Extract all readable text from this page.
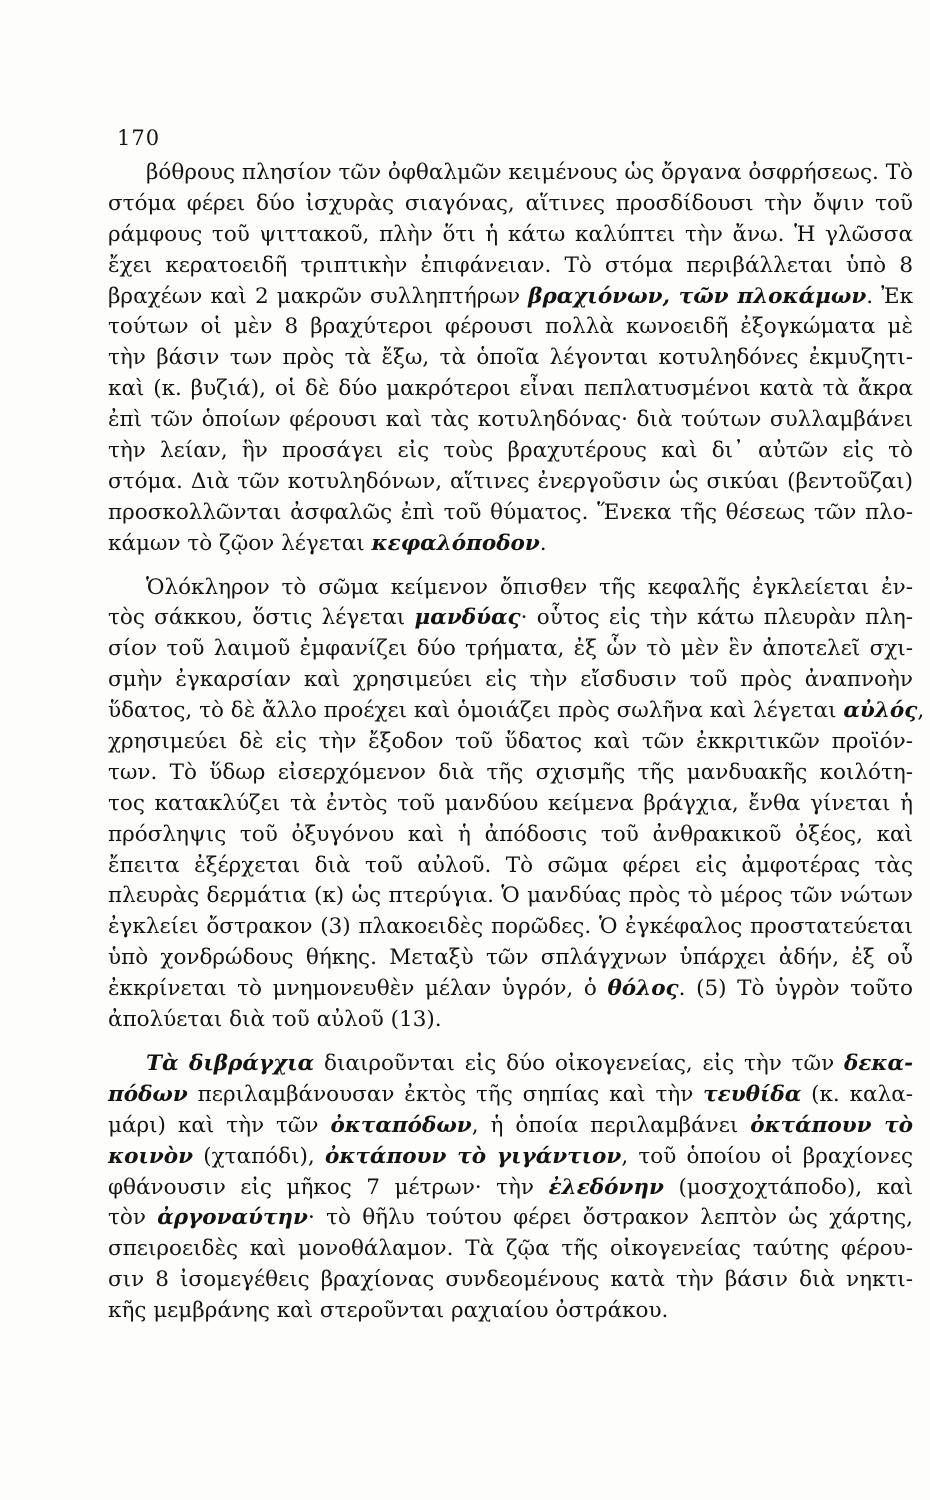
170
βόθρους πλησίον τῶν ὀφθαλμῶν κειμένους ὡς ὄργανα ὀσφρήσεως. Τὸ
στόμα φέρει δύο ἰσχυρὰς σιαγόνας, αἵτινες προσδίδουσι τὴν ὄψιν τοῦ
ράμφους τοῦ ψιττακοῦ, πλὴν ὅτι ἡ κάτω καλύπτει τὴν ἄνω. Ἡ γλῶσσα
ἔχει κερατοειδῆ τριπτικὴν ἐπιφάνειαν. Τὸ στόμα περιβάλλεται ὑπὸ 8
βραχέων καὶ 2 μακρῶν συλληπτήρων βραχιόνων, τῶν πλοκάμων. Ἐκ
τούτων οἱ μὲν 8 βραχύτεροι φέρουσι πολλὰ κωνοειδῆ ἐξογκώματα μὲ
τὴν βάσιν των πρὸς τὰ ἔξω, τὰ ὁποῖα λέγονται κοτυληδόνες ἐκμυζητι-
καὶ (κ. βυζιά), οἱ δὲ δύο μακρότεροι εἶναι πεπλατυσμένοι κατὰ τὰ ἄκρα
ἐπὶ τῶν ὁποίων φέρουσι καὶ τὰς κοτυληδόνας· διὰ τούτων συλλαμβάνει
τὴν λείαν, ἣν προσάγει εἰς τοὺς βραχυτέρους καὶ δι᾽ αὐτῶν εἰς τὸ
στόμα. Διὰ τῶν κοτυληδόνων, αἵτινες ἐνεργοῦσιν ὡς σικύαι (βεντοῦζαι)
προσκολλῶνται ἀσφαλῶς ἐπὶ τοῦ θύματος. Ἕνεκα τῆς θέσεως τῶν πλο-
κάμων τὸ ζῷον λέγεται κεφαλόποδον.
Ὁλόκληρον τὸ σῶμα κείμενον ὄπισθεν τῆς κεφαλῆς ἐγκλείεται ἐν-
τὸς σάκκου, ὅστις λέγεται μανδύας· οὗτος εἰς τὴν κάτω πλευρὰν πλη-
σίον τοῦ λαιμοῦ ἐμφανίζει δύο τρήματα, ἐξ ὧν τὸ μὲν ἓν ἀποτελεῖ σχι-
σμὴν ἐγκαρσίαν καὶ χρησιμεύει εἰς τὴν εἴσδυσιν τοῦ πρὸς ἀναπνοὴν
ὕδατος, τὸ δὲ ἄλλο προέχει καὶ ὁμοιάζει πρὸς σωλῆνα καὶ λέγεται αὐλός,
χρησιμεύει δὲ εἰς τὴν ἔξοδον τοῦ ὕδατος καὶ τῶν ἐκκριτικῶν προϊόν-
των. Τὸ ὕδωρ εἰσερχόμενον διὰ τῆς σχισμῆς τῆς μανδυακῆς κοιλότη-
τος κατακλύζει τὰ ἐντὸς τοῦ μανδύου κείμενα βράγχια, ἔνθα γίνεται ἡ
πρόσληψις τοῦ ὀξυγόνου καὶ ἡ ἀπόδοσις τοῦ ἀνθρακικοῦ ὀξέος, καὶ
ἔπειτα ἐξέρχεται διὰ τοῦ αὐλοῦ. Τὸ σῶμα φέρει εἰς ἀμφοτέρας τὰς
πλευρὰς δερμάτια (κ) ὡς πτερύγια. Ὁ μανδύας πρὸς τὸ μέρος τῶν νώτων
ἐγκλείει ὄστρακον (3) πλακοειδὲς πορῶδες. Ὁ ἐγκέφαλος προστατεύεται
ὑπὸ χονδρώδους θήκης. Μεταξὺ τῶν σπλάγχνων ὑπάρχει ἀδήν, ἐξ οὗ
ἐκκρίνεται τὸ μνημονευθὲν μέλαν ὑγρόν, ὁ θόλος. (5) Τὸ ὑγρὸν τοῦτο
ἀπολύεται διὰ τοῦ αὐλοῦ (13).
Τὰ διβράγχια διαιροῦνται εἰς δύο οἰκογενείας, εἰς τὴν τῶν δεκα-
πόδων περιλαμβάνουσαν ἐκτὸς τῆς σηπίας καὶ τὴν τευθίδα (κ. καλα-
μάρι) καὶ τὴν τῶν ὀκταπόδων, ἡ ὁποία περιλαμβάνει ὀκτάπουν τὸ
κοινὸν (χταπόδι), ὀκτάπουν τὸ γιγάντιον, τοῦ ὁποίου οἱ βραχίονες
φθάνουσιν εἰς μῆκος 7 μέτρων· τὴν ἐλεδόνην (μοσχοχτάποδο), καὶ
τὸν ἀργοναύτην· τὸ θῆλυ τούτου φέρει ὄστρακον λεπτὸν ὡς χάρτης,
σπειροειδὲς καὶ μονοθάλαμον. Τὰ ζῷα τῆς οἰκογενείας ταύτης φέρου-
σιν 8 ἰσομεγέθεις βραχίονας συνδεομένους κατὰ τὴν βάσιν διὰ νηκτι-
κῆς μεμβράνης καὶ στεροῦνται ραχιαίου ὀστράκου.
